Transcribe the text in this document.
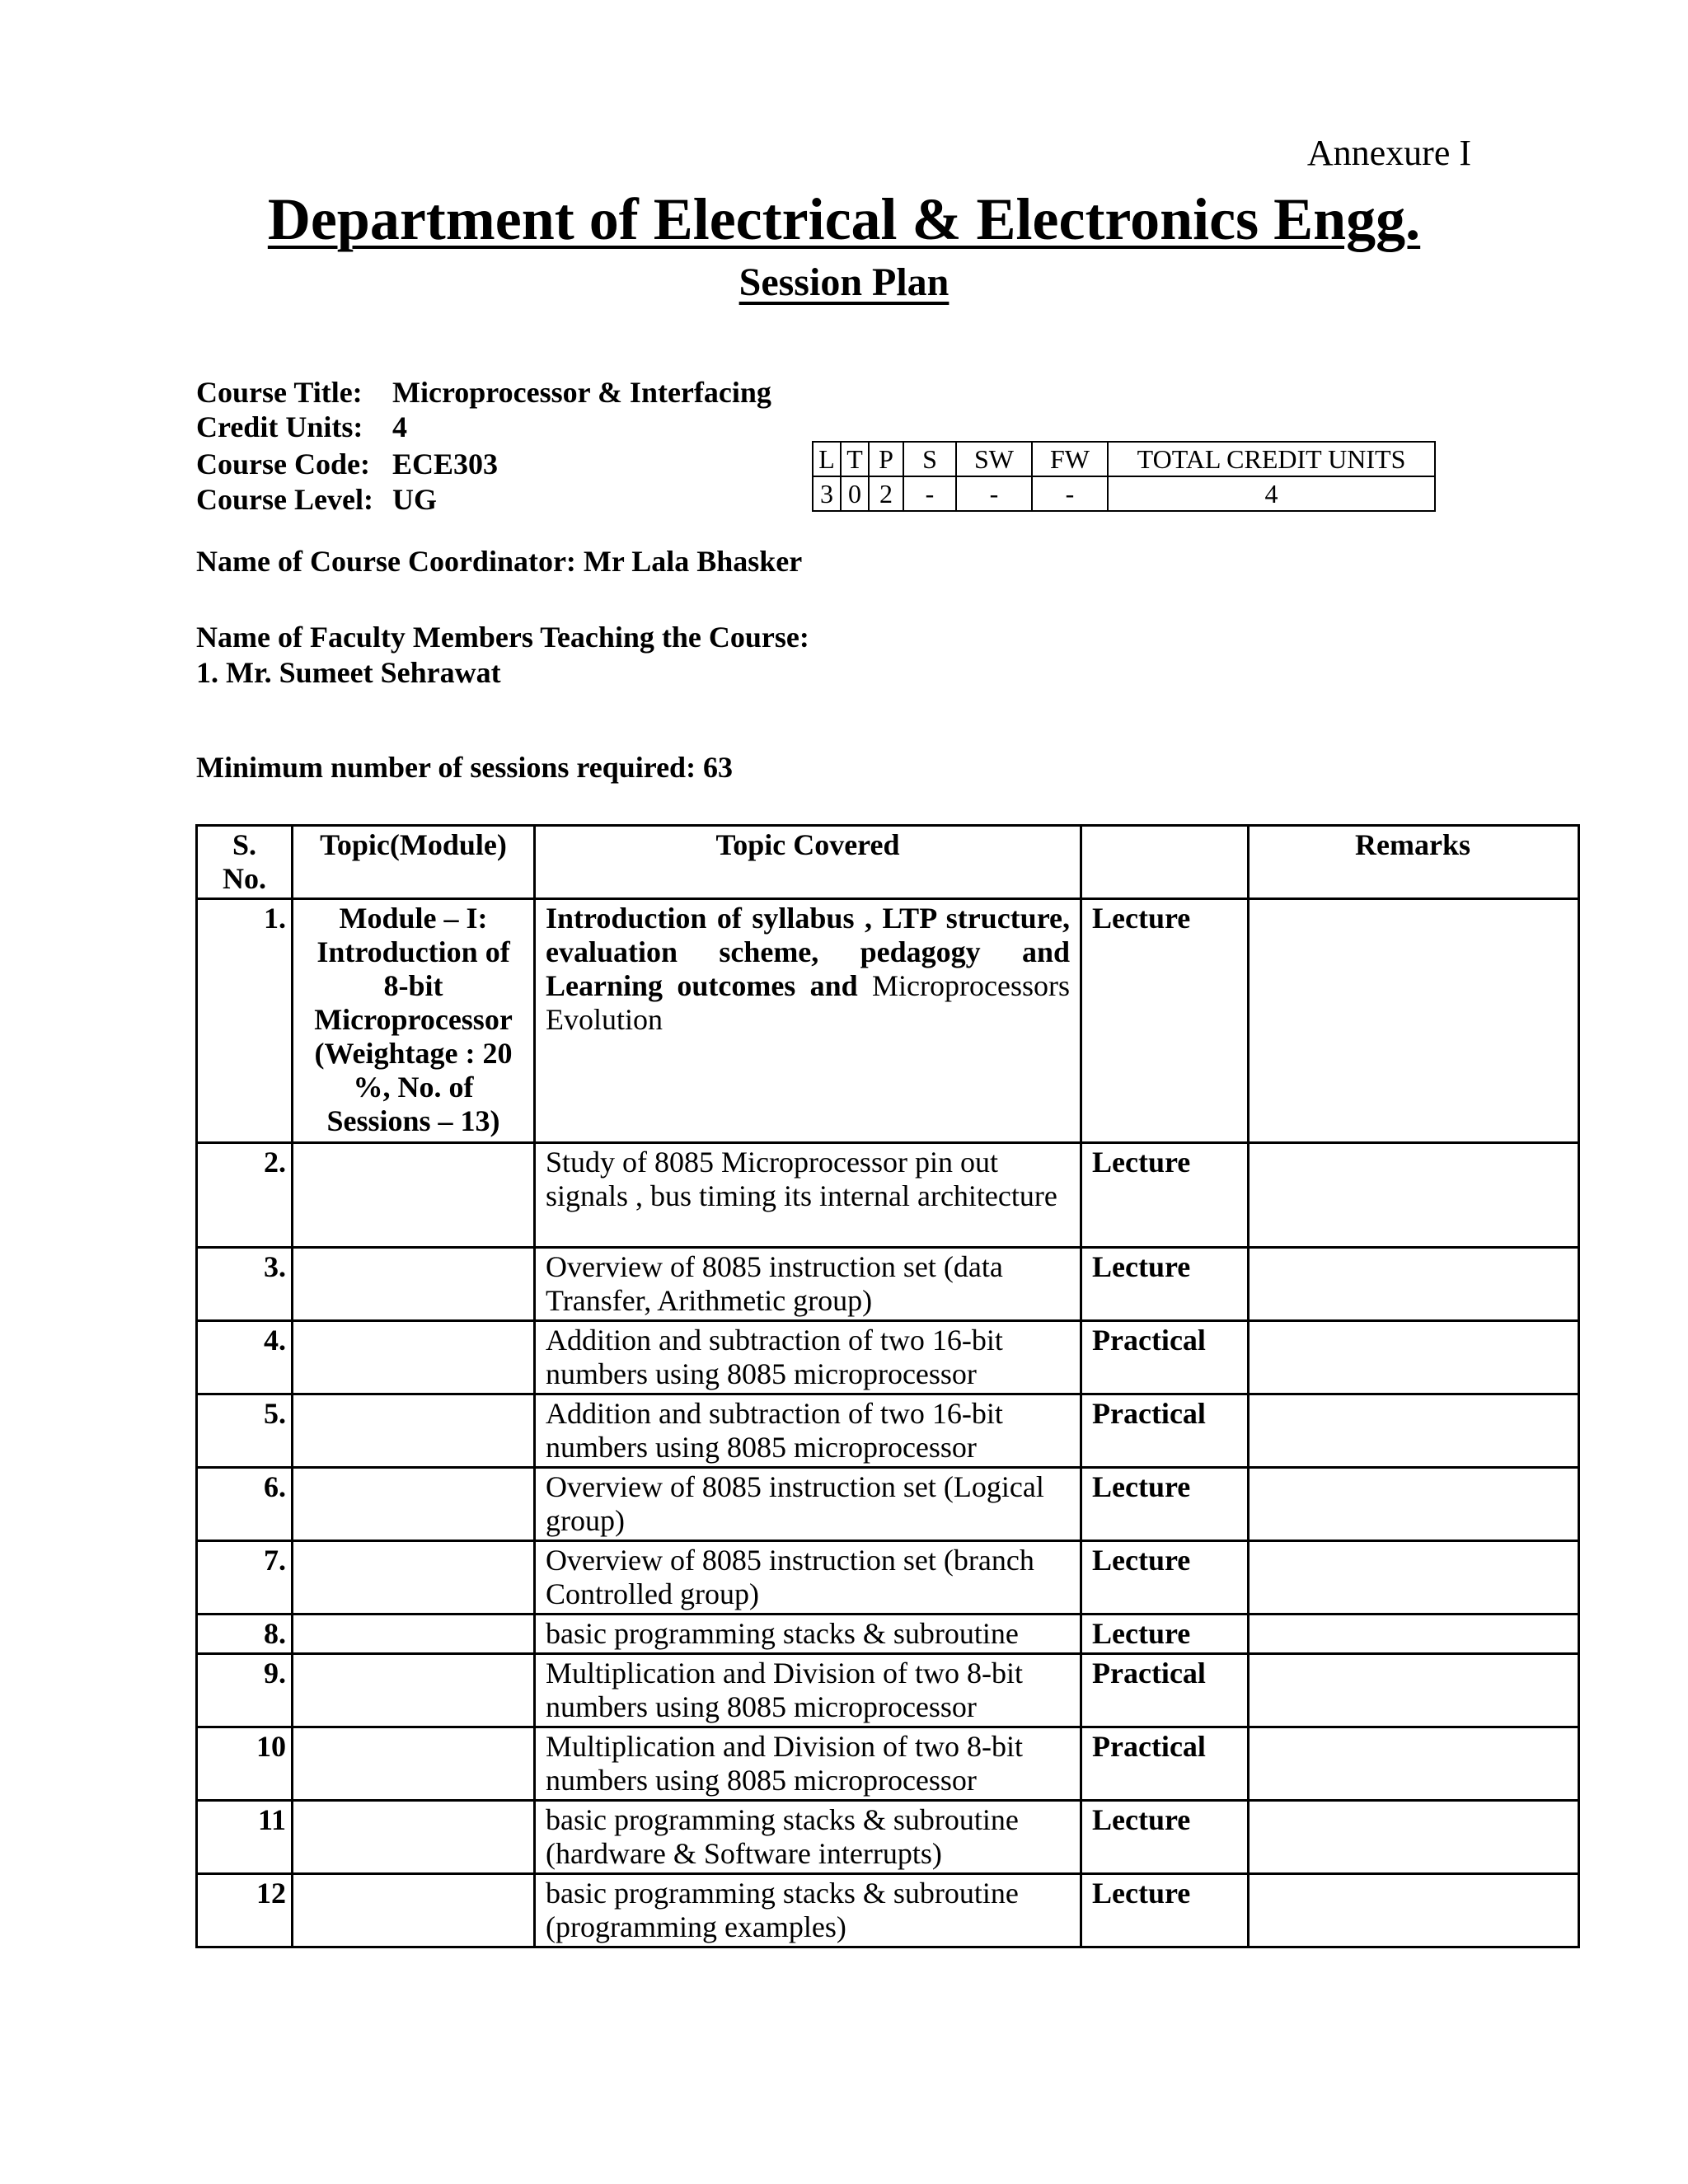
Annexure I
Department of Electrical & Electronics Engg.
Session Plan
Course Title: Microprocessor & Interfacing
Credit Units: 4
Course Code: ECE303
Course Level: UG
L	T	P	S	SW	FW	TOTAL CREDIT UNITS
3	0	2	-	-	-	4
Name of Course Coordinator: Mr Lala Bhasker
Name of Faculty Members Teaching the Course:
1. Mr. Sumeet Sehrawat
Minimum number of sessions required: 63
S. No.	Topic(Module)	Topic Covered		Remarks
1.	Module – I: Introduction of 8-bit Microprocessor (Weightage : 20 %, No. of Sessions – 13)	Introduction of syllabus , LTP structure, evaluation scheme, pedagogy and Learning outcomes and Microprocessors Evolution	Lecture	
2.		Study of 8085 Microprocessor pin out signals , bus timing its internal architecture	Lecture	
3.		Overview of 8085 instruction set (data Transfer, Arithmetic group)	Lecture	
4.		Addition and subtraction of two 16-bit numbers using 8085 microprocessor	Practical	
5.		Addition and subtraction of two 16-bit numbers using 8085 microprocessor	Practical	
6.		Overview of 8085 instruction set (Logical group)	Lecture	
7.		Overview of 8085 instruction set (branch Controlled group)	Lecture	
8.		basic programming stacks & subroutine	Lecture	
9.		Multiplication and Division of two 8-bit numbers using 8085 microprocessor	Practical	
10		Multiplication and Division of two 8-bit numbers using 8085 microprocessor	Practical	
11		basic programming stacks & subroutine (hardware & Software interrupts)	Lecture	
12		basic programming stacks & subroutine (programming examples)	Lecture	
